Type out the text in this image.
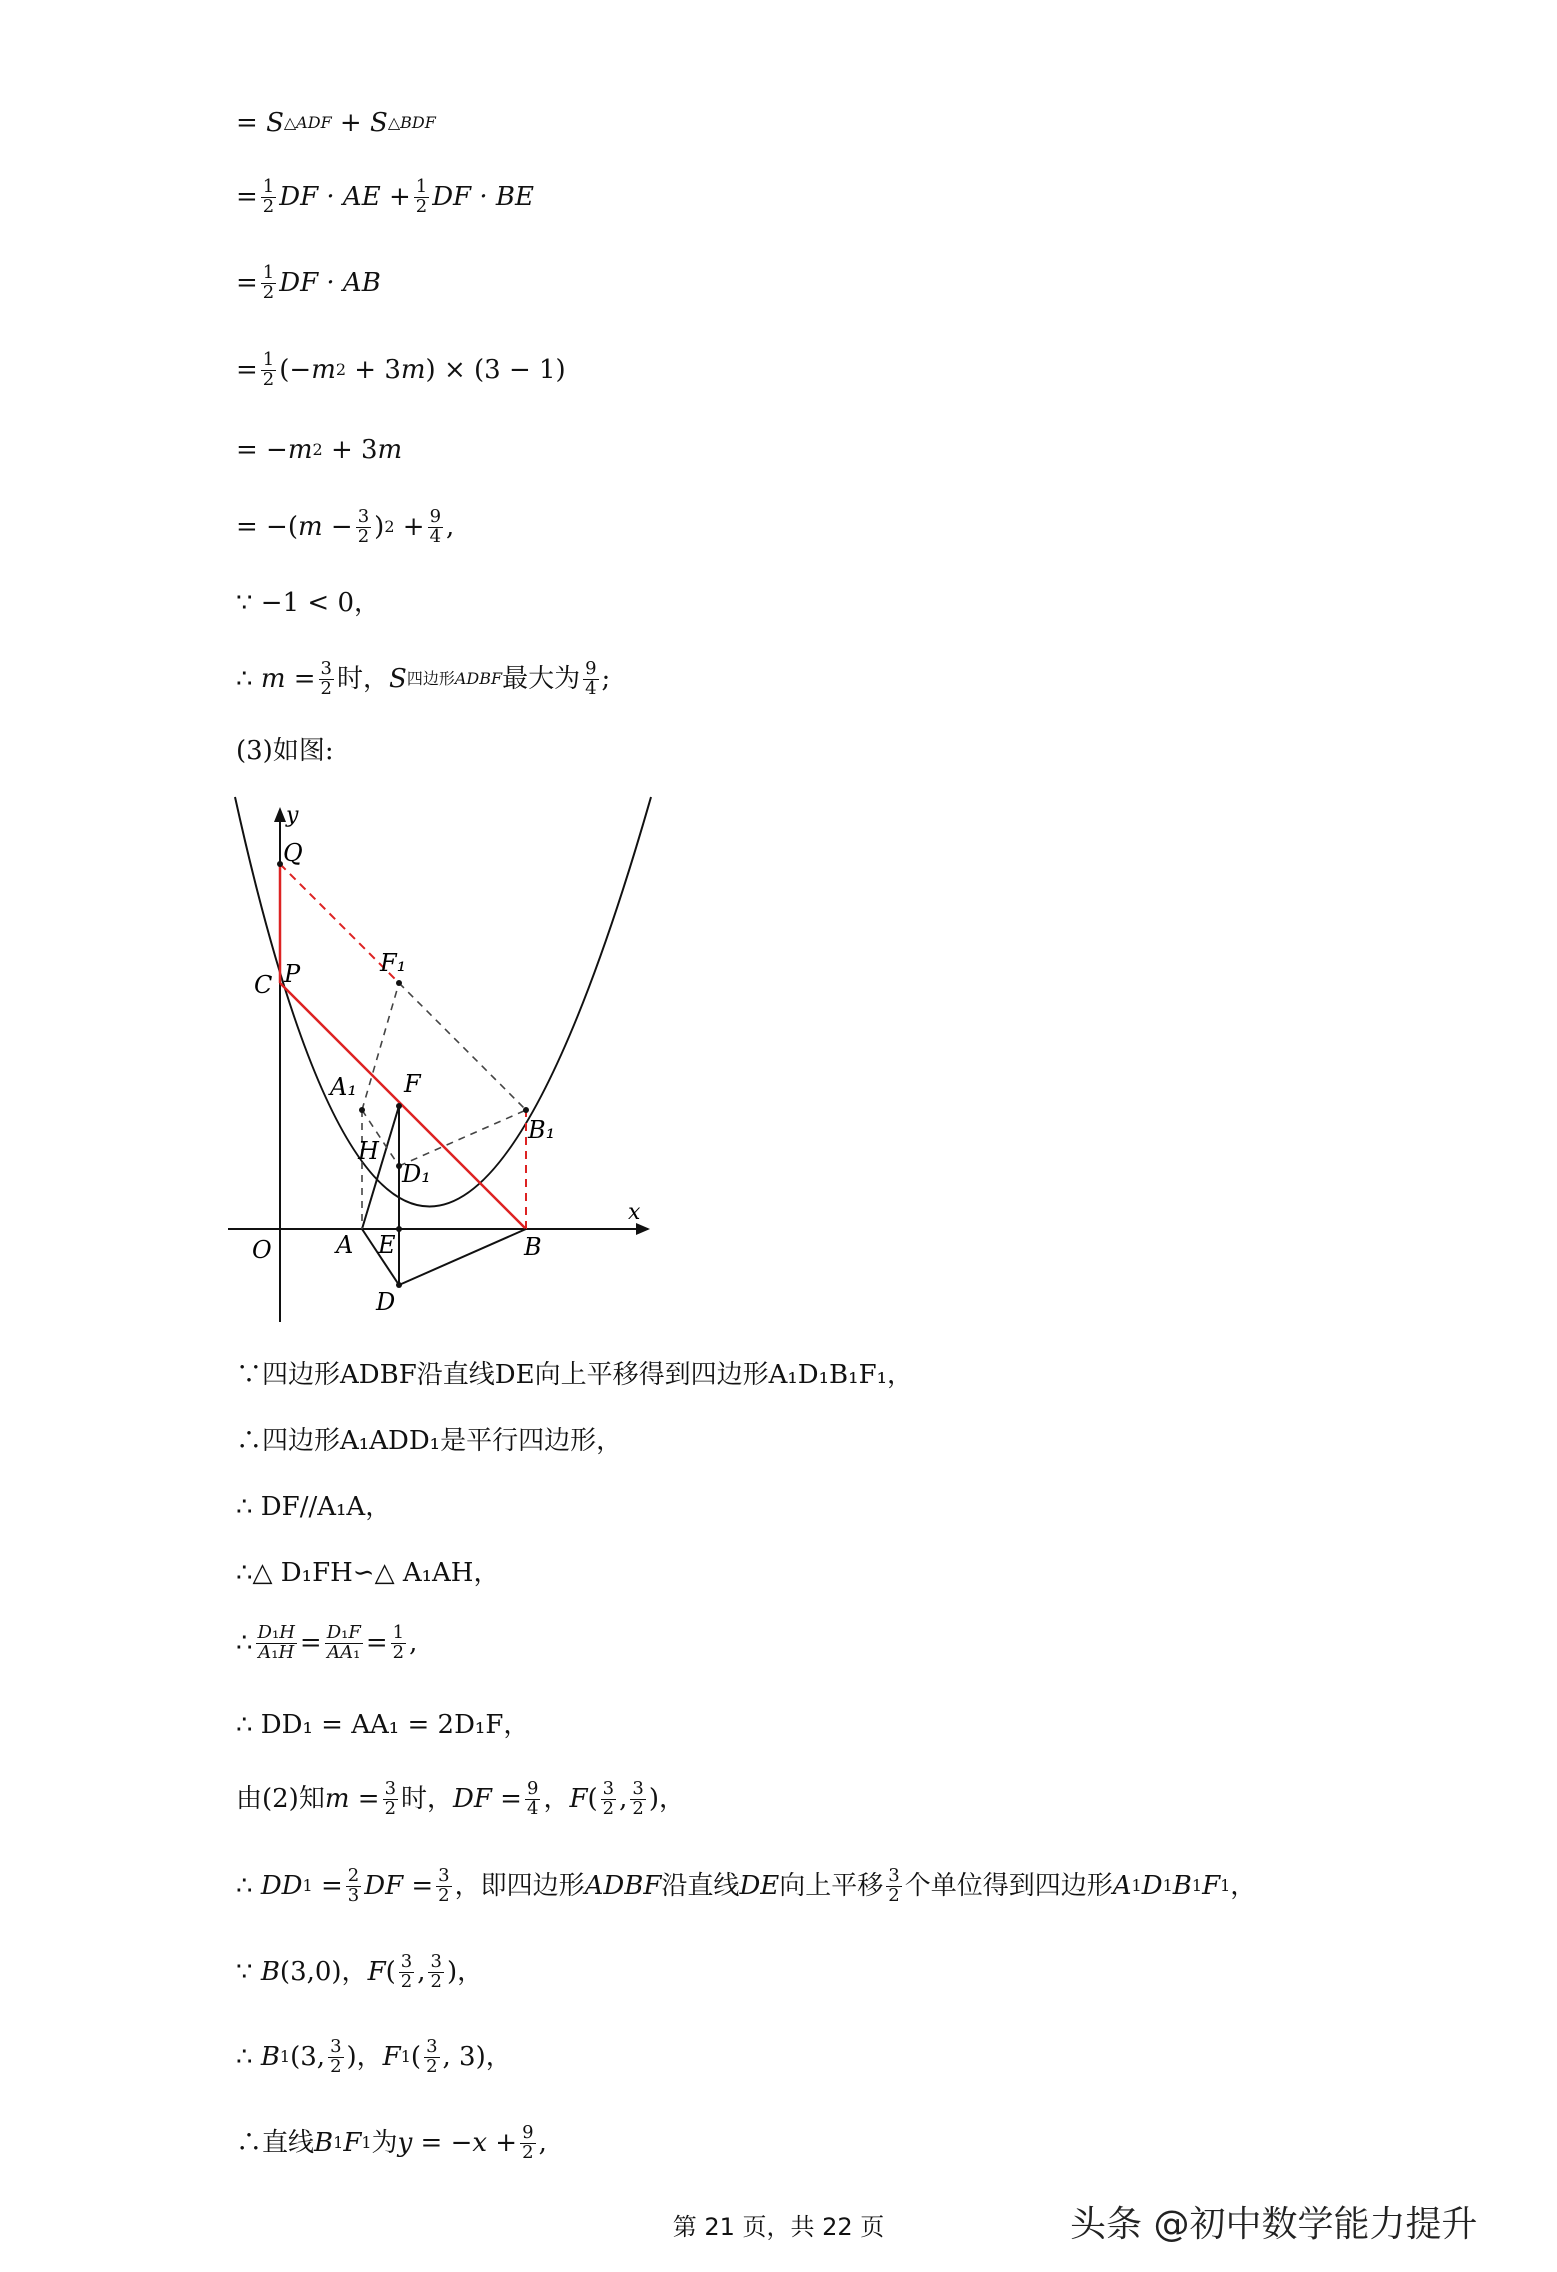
= S △ADF + S △BDF
= $\frac{1}{2}$ DF · AE + $\frac{1}{2}$ DF · BE
= $\frac{1}{2}$ DF · AB
= $\frac{1}{2}$ (− m 2 + 3 m ) × (3 − 1)
= − m 2 + 3 m
= −( $m - \frac{3}{2}$ ) $2 + \frac{9}{4}$ ,
∵ −1 < 0，
∴ $m = \frac{3}{2}$ 时， S 四边形ADBF 最大为 $\frac{9}{4}$ ;
(3)如图:
y
x
O
Q
C P	F₁
A₁ F
H
D₁
B₁
A E	B
D
∵四边形ADBF沿直线DE向上平移得到四边形A₁D₁B₁F₁，
∴四边形A₁ADD₁是平行四边形，
∴ DF//A₁A，
∴△ D₁FH∽△ A₁AH，
∴ $\frac{\text{D₁H}}{\text{A₁H}} = \frac{\text{D₁F}}{\text{AA₁}} = \frac{1}{2}$ ,
∴ DD₁ = AA₁ = 2D₁F，
由(2)知 $m = \frac{3}{2}$ 时， DF = $\frac{9}{4}$ ， F ( $\frac{3}{2}$ , $\frac{3}{2}$ )，
∴ DD $1 = \frac{2}{3}$ DF = $\frac{3}{2}$ ，即四边形 ADBF 沿直线 DE 向上平移 $\frac{3}{2}$ 个单位得到四边形 A 1 D 1 B 1 F 1 ，
∵ B (3,0)， F ( $\frac{3}{2}$ , $\frac{3}{2}$ )，
∴ B 1 (3, $\frac{3}{2}$ )， F 1 ( $\frac{3}{2}$ , 3)，
∴直线 B 1 F 1 为 y = − $x + \frac{9}{2}$ ,
第 21 页，共 22 页	头条 @初中数学能力提升
